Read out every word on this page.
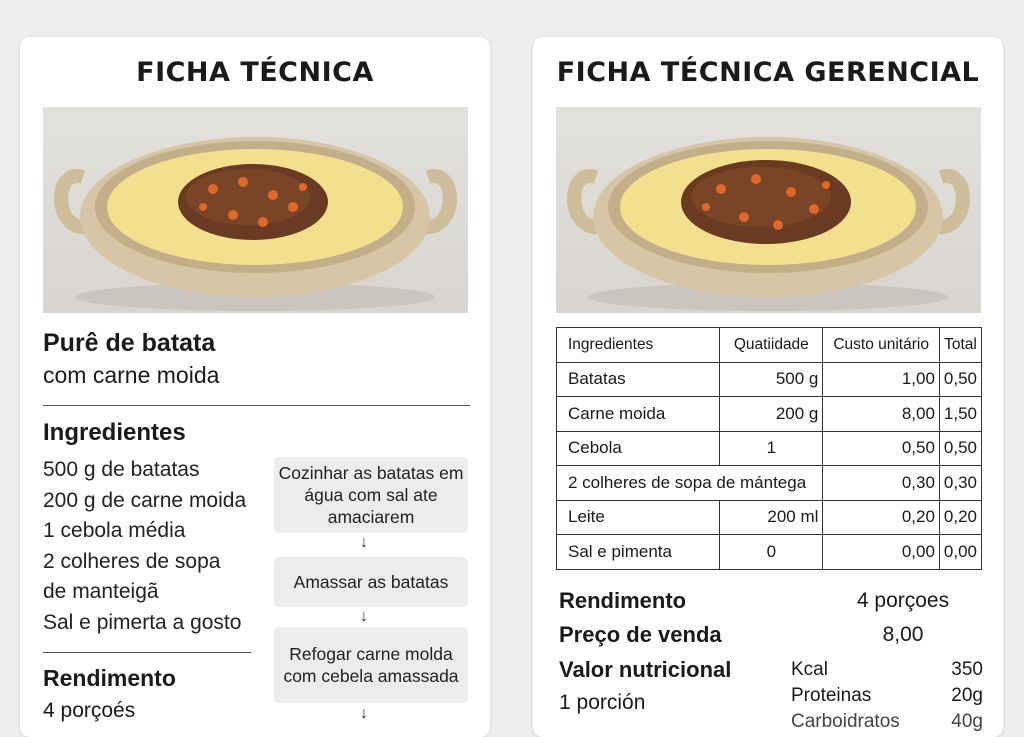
FICHA TÉCNICA
Purê de batata
com carne moida
Ingredientes
500 g de batatas
200 g de carne moida
1 cebola média
2 colheres de sopa
de manteigã
Sal e pimerta a gosto
Cozinhar as batatas em água com sal ate amaciarem
↓
Amassar as batatas
↓
Refogar carne molda com cebela amassada
↓
Rendimento
4 porçoés
FICHA TÉCNICA GERENCIAL
Ingredientes	Quatiidade	Custo unitário	Total
Batatas	500 g	1,00	0,50
Carne moida	200 g	8,00	1,50
Cebola	1	0,50	0,50
2 colheres de sopa de mántega		0,30	0,30
Leite	200 ml	0,20	0,20
Sal e pimenta	0	0,00	0,00
Rendimento	4 porçoes
Preço de venda	8,00
Valor nutricional
1 porción
Kcal	350
Proteinas	20g
Carboidratos	40g
